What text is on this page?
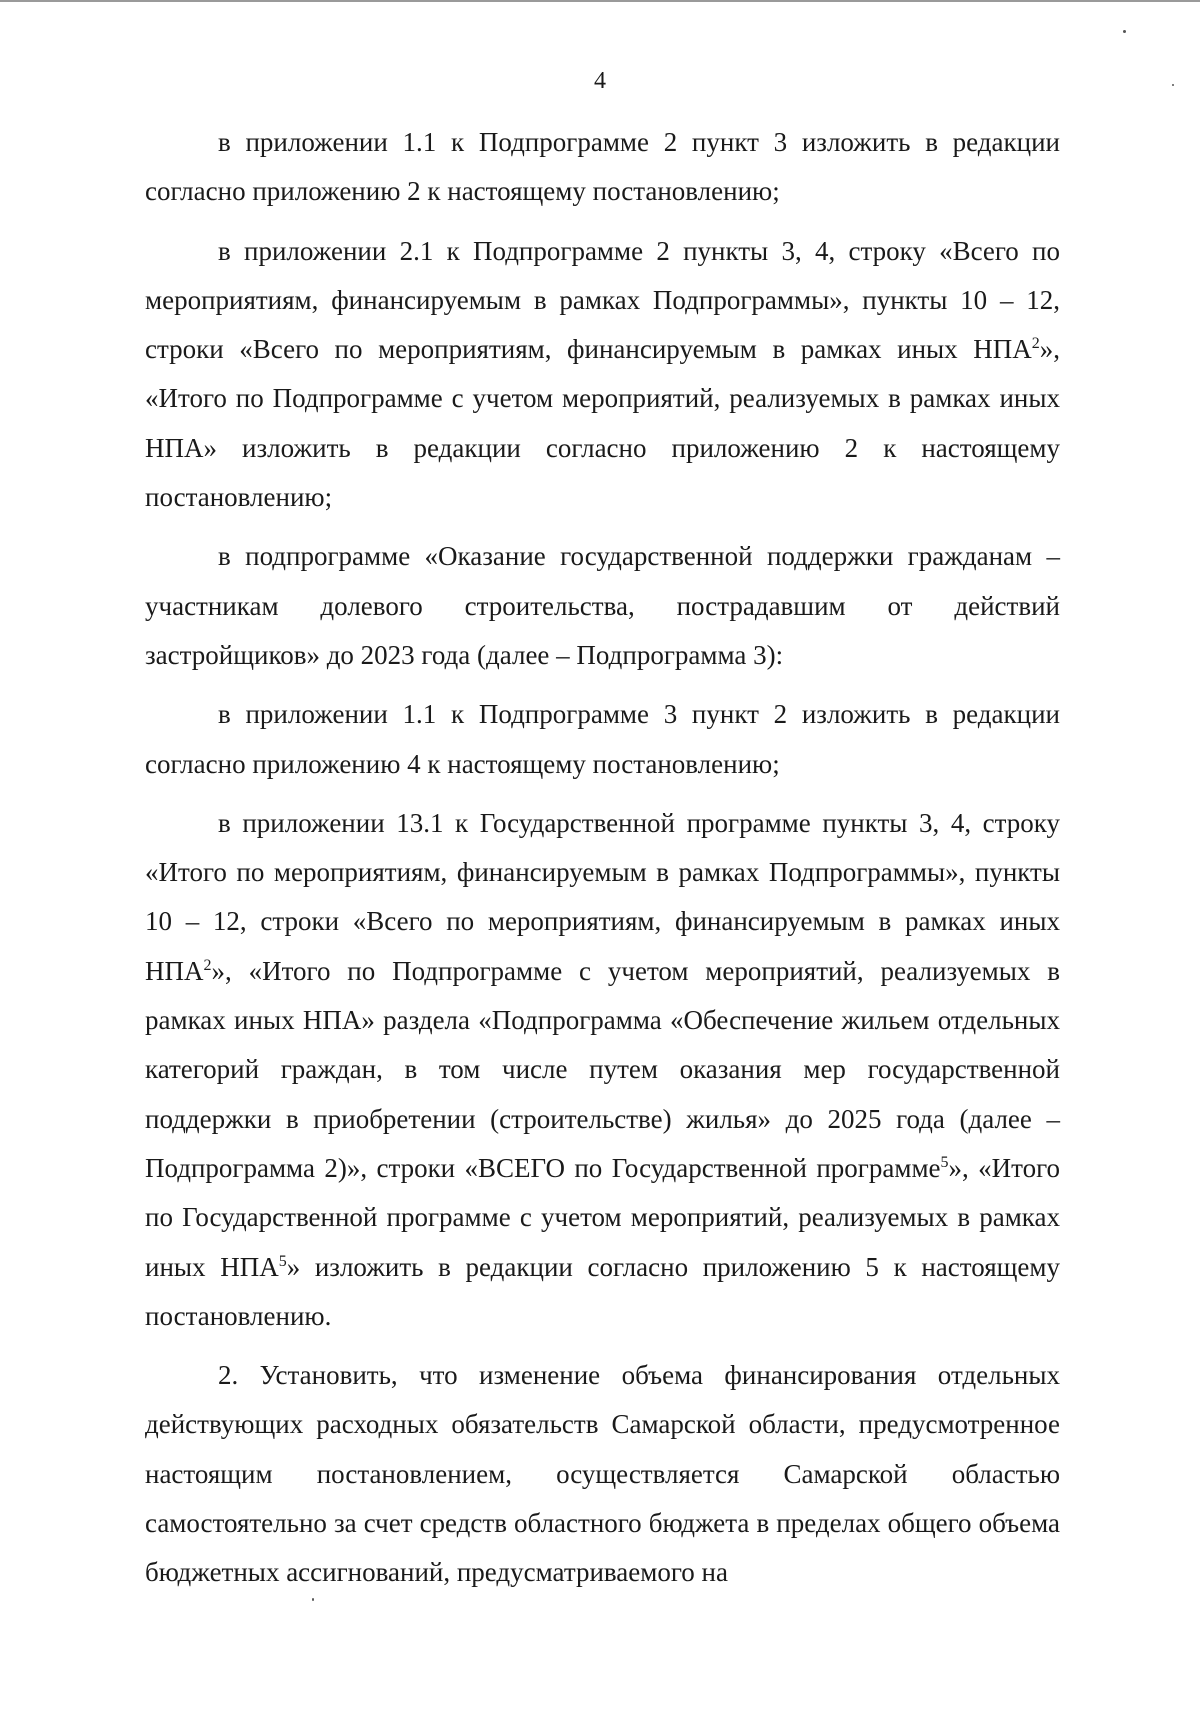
4

в приложении 1.1 к Подпрограмме 2 пункт 3 изложить в редакции согласно приложению 2 к настоящему постановлению;

в приложении 2.1 к Подпрограмме 2 пункты 3, 4, строку «Всего по мероприятиям, финансируемым в рамках Подпрограммы», пункты 10 – 12, строки «Всего по мероприятиям, финансируемым в рамках иных НПА$^2$», «Итого по Подпрограмме с учетом мероприятий, реализуемых в рамках иных НПА» изложить в редакции согласно приложению 2 к настоящему постановлению;

в подпрограмме «Оказание государственной поддержки гражданам – участникам долевого строительства, пострадавшим от действий застройщиков» до 2023 года (далее – Подпрограмма 3):

в приложении 1.1 к Подпрограмме 3 пункт 2 изложить в редакции согласно приложению 4 к настоящему постановлению;

в приложении 13.1 к Государственной программе пункты 3, 4, строку «Итого по мероприятиям, финансируемым в рамках Подпрограммы», пункты 10 – 12, строки «Всего по мероприятиям, финансируемым в рамках иных НПА$^2$», «Итого по Подпрограмме с учетом мероприятий, реализуемых в рамках иных НПА» раздела «Подпрограмма «Обеспечение жильем отдельных категорий граждан, в том числе путем оказания мер государственной поддержки в приобретении (строительстве) жилья» до 2025 года (далее – Подпрограмма 2)», строки «ВСЕГО по Государственной программе$^5$», «Итого по Государственной программе с учетом мероприятий, реализуемых в рамках иных НПА$^5$» изложить в редакции согласно приложению 5 к настоящему постановлению.

2. Установить, что изменение объема финансирования отдельных действующих расходных обязательств Самарской области, предусмотренное настоящим постановлением, осуществляется Самарской областью самостоятельно за счет средств областного бюджета в пределах общего объема бюджетных ассигнований, предусматриваемого на
